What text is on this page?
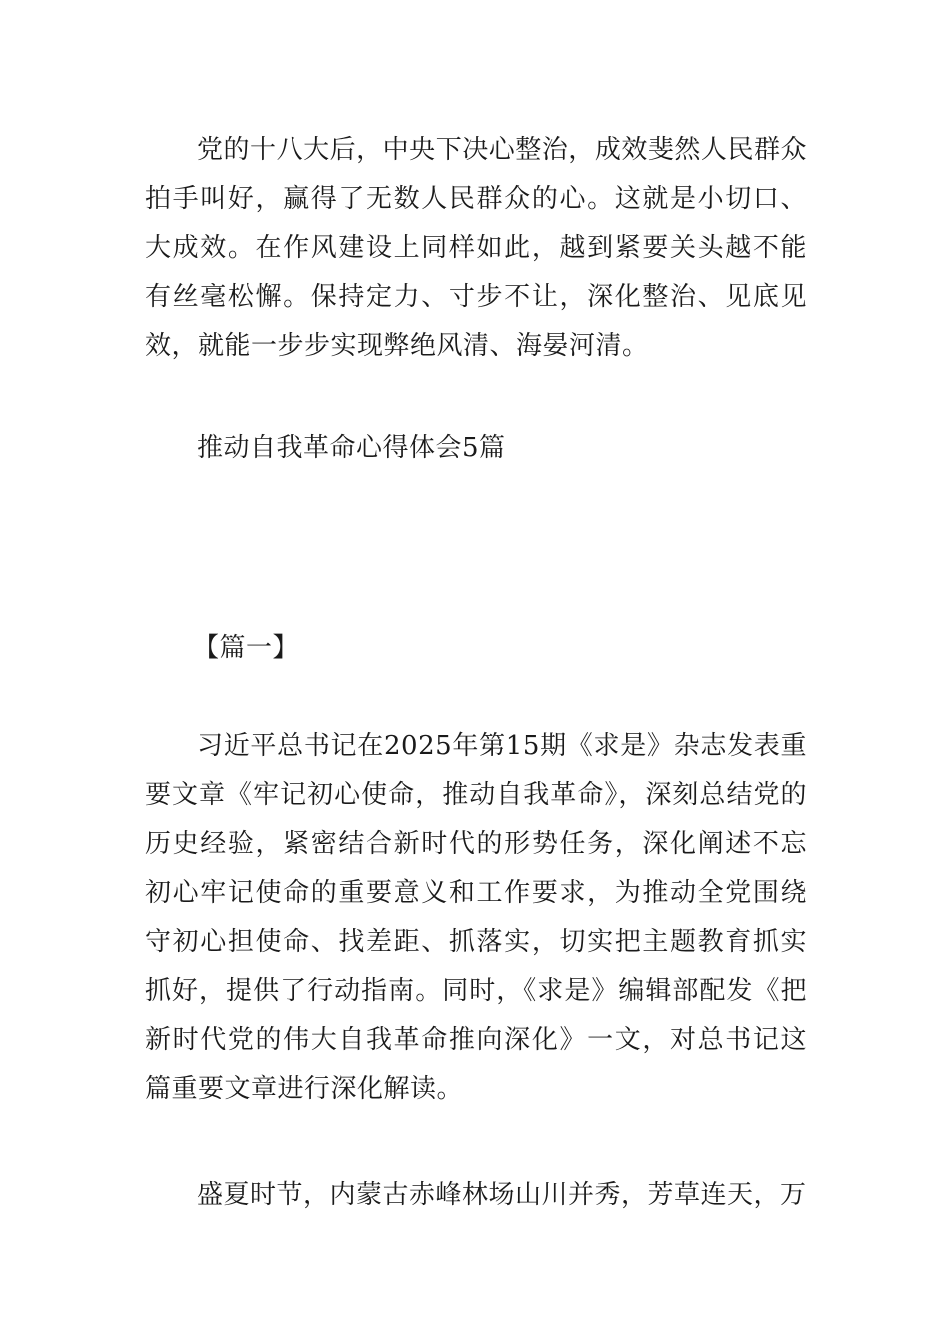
党的十八大后，中央下决心整治，成效斐然人民群众拍手叫好，赢得了无数人民群众的心。这就是小切口、大成效。在作风建设上同样如此，越到紧要关头越不能有丝毫松懈。保持定力、寸步不让，深化整治、见底见效，就能一步步实现弊绝风清、海晏河清。

推动自我革命心得体会5篇

【篇一】

习近平总书记在2025年第15期《求是》杂志发表重要文章《牢记初心使命，推动自我革命》，深刻总结党的历史经验，紧密结合新时代的形势任务，深化阐述不忘初心牢记使命的重要意义和工作要求，为推动全党围绕守初心担使命、找差距、抓落实，切实把主题教育抓实抓好，提供了行动指南。同时，《求是》编辑部配发《把新时代党的伟大自我革命推向深化》一文，对总书记这篇重要文章进行深化解读。

盛夏时节，内蒙古赤峰林场山川并秀，芳草连天，万
